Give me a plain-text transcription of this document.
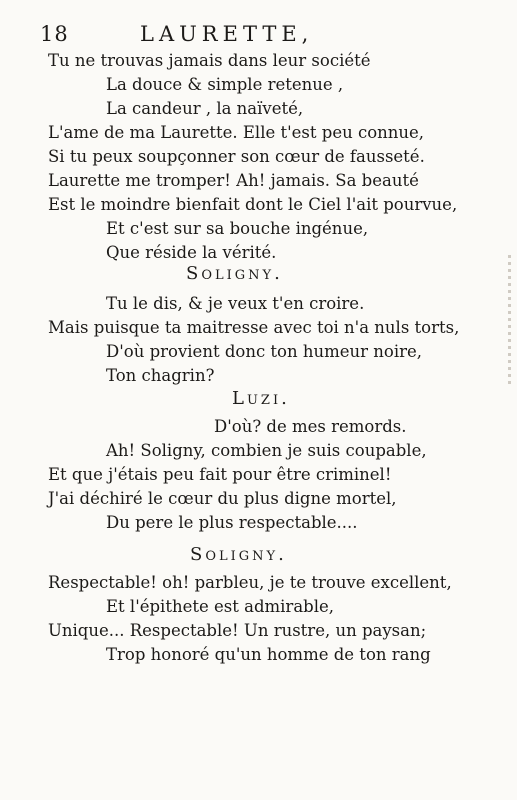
18	LAURETTE,
Tu ne trouvas jamais dans leur société
La douce & simple retenue ,
La candeur , la naïveté,
L'ame de ma Laurette. Elle t'est peu connue,
Si tu peux soupçonner son cœur de fausseté.
Laurette me tromper! Ah! jamais. Sa beauté
Est le moindre bienfait dont le Ciel l'ait pourvue,
Et c'est sur sa bouche ingénue,
Que réside la vérité.
Soligny.
Tu le dis, & je veux t'en croire.
Mais puisque ta maitresse avec toi n'a nuls torts,
D'où provient donc ton humeur noire,
Ton chagrin?
Luzi.
D'où? de mes remords.
Ah! Soligny, combien je suis coupable,
Et que j'étais peu fait pour être criminel!
J'ai déchiré le cœur du plus digne mortel,
Du pere le plus respectable....
Soligny.
Respectable! oh! parbleu, je te trouve excellent,
Et l'épithete est admirable,
Unique... Respectable! Un rustre, un paysan;
Trop honoré qu'un homme de ton rang
